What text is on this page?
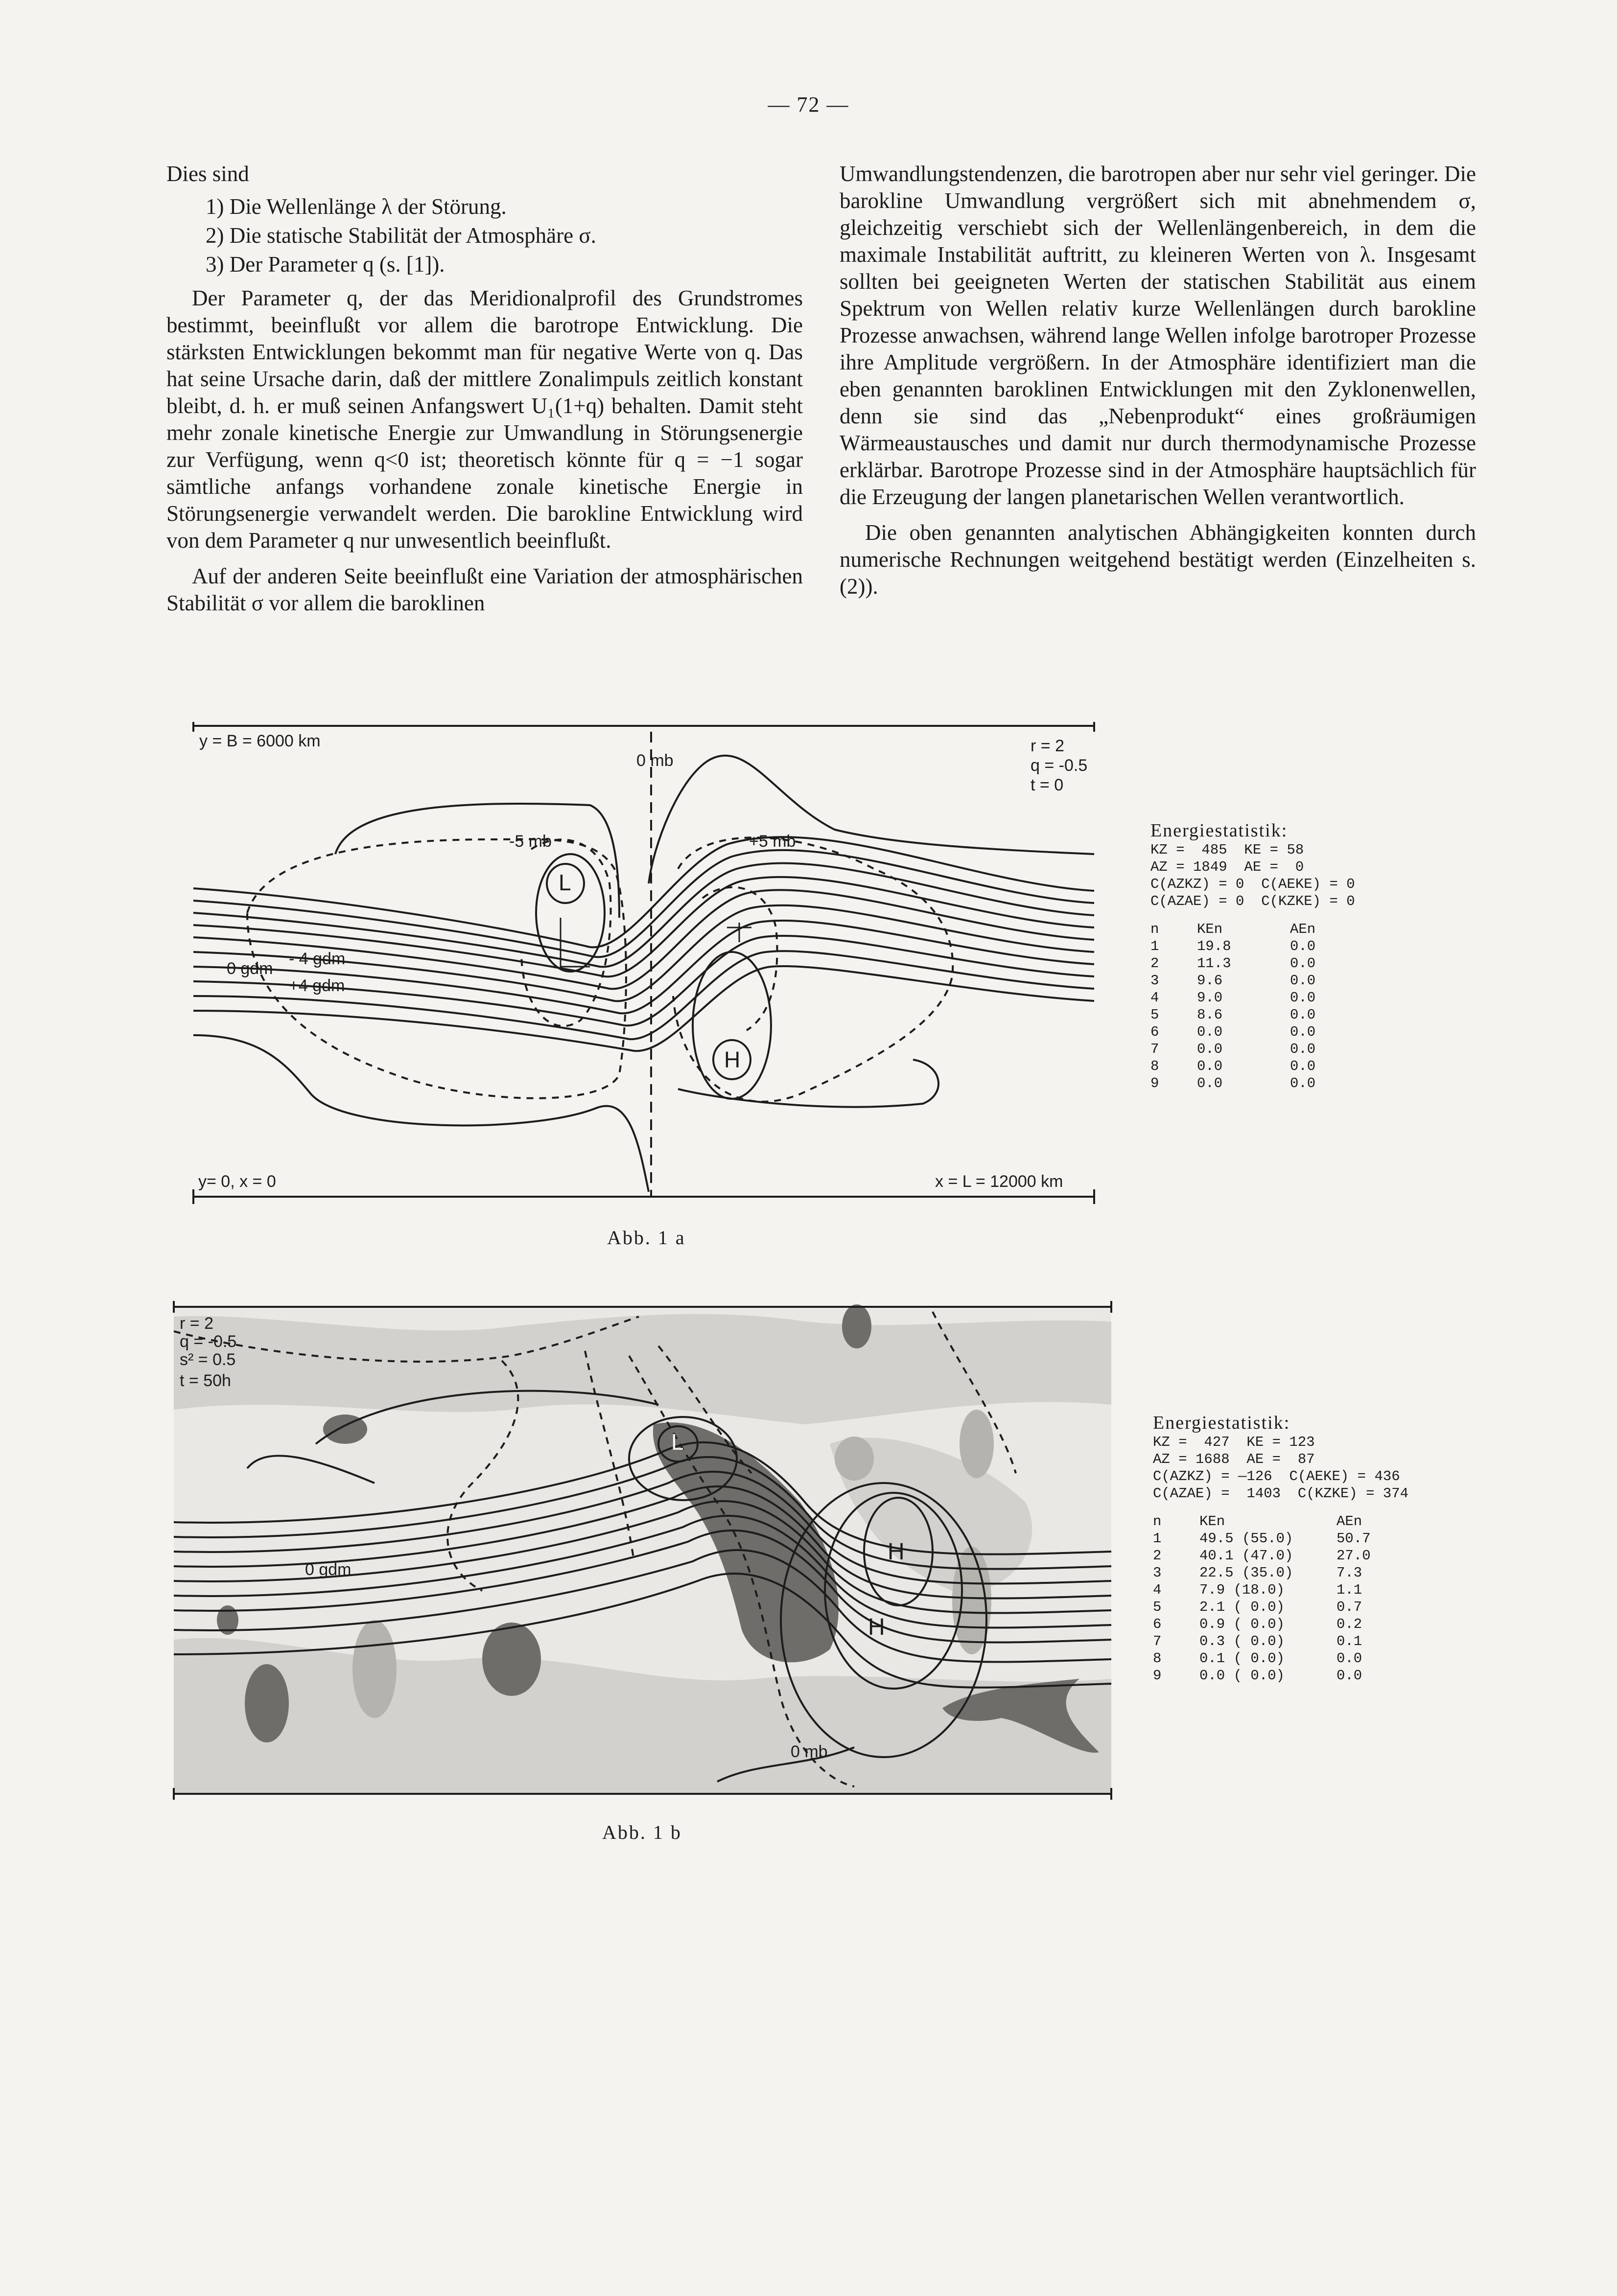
— 72 —

Dies sind

1) Die Wellenlänge λ der Störung.
2) Die statische Stabilität der Atmosphäre σ.
3) Der Parameter q (s. [1]).

Der Parameter q, der das Meridionalprofil des Grundstromes bestimmt, beeinflußt vor allem die barotrope Entwicklung. Die stärksten Entwicklungen bekommt man für negative Werte von q. Das hat seine Ursache darin, daß der mittlere Zonalimpuls zeitlich konstant bleibt, d. h. er muß seinen Anfangswert U₁(1+q) behalten. Damit steht mehr zonale kinetische Energie zur Umwandlung in Störungsenergie zur Verfügung, wenn q<0 ist; theoretisch könnte für q = −1 sogar sämtliche anfangs vorhandene zonale kinetische Energie in Störungsenergie verwandelt werden. Die barokline Entwicklung wird von dem Parameter q nur unwesentlich beeinflußt.

Auf der anderen Seite beeinflußt eine Variation der atmosphärischen Stabilität σ vor allem die baroklinen

Umwandlungstendenzen, die barotropen aber nur sehr viel geringer. Die barokline Umwandlung vergrößert sich mit abnehmendem σ, gleichzeitig verschiebt sich der Wellenlängenbereich, in dem die maximale Instabilität auftritt, zu kleineren Werten von λ. Insgesamt sollten bei geeigneten Werten der statischen Stabilität aus einem Spektrum von Wellen relativ kurze Wellenlängen durch barokline Prozesse anwachsen, während lange Wellen infolge barotroper Prozesse ihre Amplitude vergrößern. In der Atmosphäre identifiziert man die eben genannten baroklinen Entwicklungen mit den Zyklonenwellen, denn sie sind das „Nebenprodukt“ eines großräumigen Wärmeaustausches und damit nur durch thermodynamische Prozesse erklärbar. Barotrope Prozesse sind in der Atmosphäre hauptsächlich für die Erzeugung der langen planetarischen Wellen verantwortlich.

Die oben genannten analytischen Abhängigkeiten konnten durch numerische Rechnungen weitgehend bestätigt werden (Einzelheiten s. (2)).

y = B = 6000 km
y= 0, x = 0	x = L = 12000 km
0 mb
-5 mb	+5 mb
r = 2
q = -0.5
t = 0
0 gdm
- 4 gdm
+4 gdm
L
H
Abb. 1 a
Energiestatistik:
KZ =  485  KE = 58
AZ = 1849  AE =  0
C(AZKZ) = 0  C(AEKE) = 0
C(AZAE) = 0  C(KZKE) = 0
n	KEn	AEn
1	19.8	0.0
2	11.3	0.0
3	9.6	0.0
4	9.0	0.0
5	8.6	0.0
6	0.0	0.0
7	0.0	0.0
8	0.0	0.0
9	0.0	0.0
r = 2
q = -0.5
s² = 0.5
t = 50h
0 gdm
0 mb
L
H
H
Abb. 1 b
Energiestatistik:
KZ =  427  KE = 123
AZ = 1688  AE =  87
C(AZKZ) = —126  C(AEKE) = 436
C(AZAE) =  1403  C(KZKE) = 374
n	KEn	AEn
1	49.5 (55.0)	50.7
2	40.1 (47.0)	27.0
3	22.5 (35.0)	7.3
4	7.9 (18.0)	1.1
5	2.1 ( 0.0)	0.7
6	0.9 ( 0.0)	0.2
7	0.3 ( 0.0)	0.1
8	0.1 ( 0.0)	0.0
9	0.0 ( 0.0)	0.0
